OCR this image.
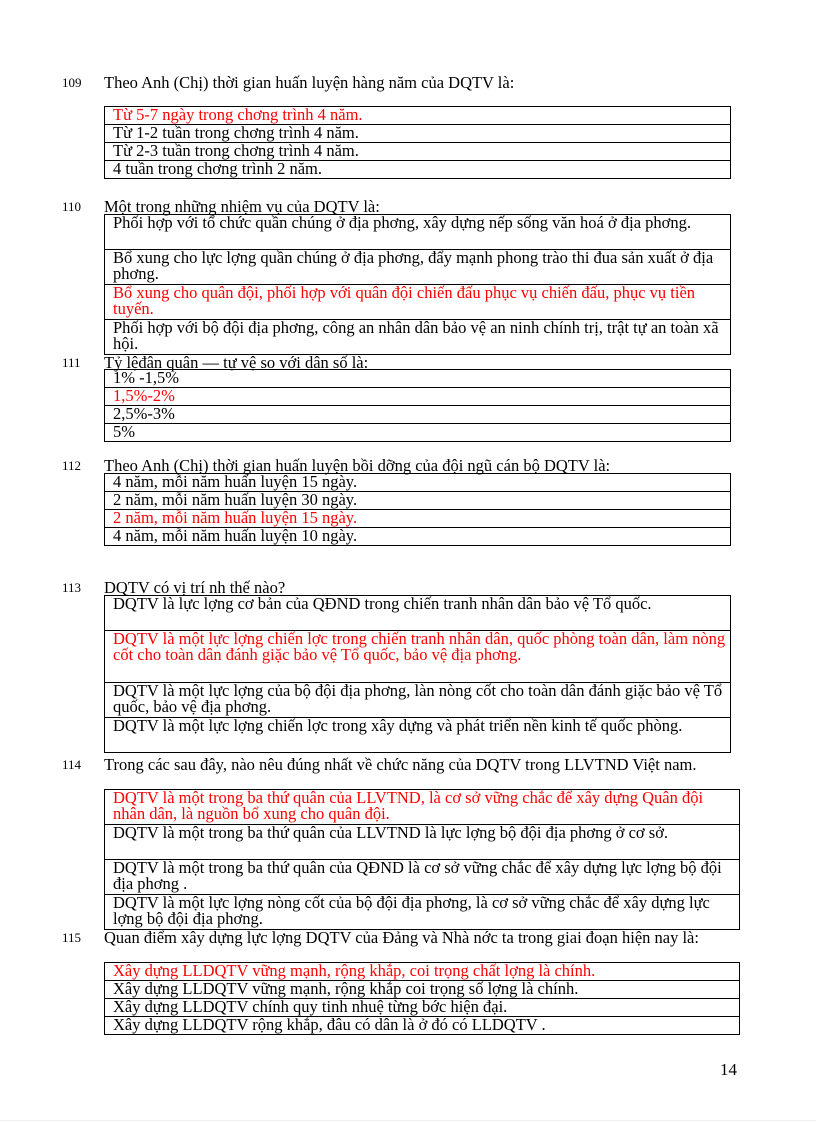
109 Theo Anh (Chị) thời gian huấn luyện hàng năm của DQTV là:
Từ 5-7 ngày trong chơng trình 4 năm.
Từ 1-2 tuần trong chơng trình 4 năm.
Từ 2-3 tuần trong chơng trình 4 năm.
4 tuần trong chơng trình 2 năm.
110 Một trong những nhiệm vụ của DQTV là:
Phối hợp với tổ chức quần chúng ở địa phơng, xây dựng nếp sống văn hoá ở địa phơng.
Bổ xung cho lực lợng quần chúng ở địa phơng, đẩy mạnh phong trào thi đua sản xuất ở địa phơng.
Bổ xung cho quân đội, phối hợp với quân đội chiến đấu phục vụ chiến đấu, phục vụ tiền tuyến.
Phối hợp với bộ đội địa phơng, công an nhân dân bảo vệ an ninh chính trị, trật tự an toàn xã hội.
111 Tỷ lệđân quân — tự vệ so với dân số là:
1% -1,5%
1,5%-2%
2,5%-3%
5%
112 Theo Anh (Chị) thời gian huấn luyện bồi dỡng của đội ngũ cán bộ DQTV là:
4 năm, mỗi năm huấn luyện 15 ngày.
2 năm, mỗi năm huấn luyện 30 ngày.
2 năm, mỗi năm huấn luyện 15 ngày.
4 năm, mỗi năm huấn luyện 10 ngày.
113 DQTV có vị trí nh thế nào?
DQTV là lực lợng cơ bản của QĐND trong chiến tranh nhân dân bảo vệ Tổ quốc.
DQTV là một lực lợng chiến lợc trong chiến tranh nhân dân, quốc phòng toàn dân, làm nòng cốt cho toàn dân đánh giặc bảo vệ Tổ quốc, bảo vệ địa phơng.
DQTV là một lực lợng của bộ đội địa phơng, làn nòng cốt cho toàn dân đánh giặc bảo vệ Tổ quốc, bảo vệ địa phơng.
DQTV là một lực lợng chiến lợc trong xây dựng và phát triển nền kinh tế quốc phòng.
114 Trong các sau đây, nào nêu đúng nhất về chức năng của DQTV trong LLVTND Việt nam.
DQTV là một trong ba thứ quân của LLVTND, là cơ sở vững chắc để xây dựng Quân đội nhân dân, là nguồn bổ xung cho quân đội.
DQTV là một trong ba thứ quân của LLVTND là lực lợng bộ đội địa phơng ở cơ sở.
DQTV là một trong ba thứ quân của QĐND là cơ sở vững chắc để xây dựng lực lợng bộ đội địa phơng .
DQTV là một lực lợng nòng cốt của bộ đội địa phơng, là cơ sở vững chắc để xây dựng lực lợng bộ đội địa phơng.
115 Quan điểm xây dựng lực lợng DQTV của Đảng và Nhà nớc ta trong giai đoạn hiện nay là:
Xây dựng LLDQTV vững mạnh, rộng khắp, coi trọng chất lợng là chính.
Xây dựng LLDQTV vững mạnh, rộng khắp coi trọng số lợng là chính.
Xây dựng LLDQTV chính quy tinh nhuệ từng bớc hiện đại.
Xây dựng LLDQTV rộng khắp, đâu có dân là ở đó có LLDQTV .
14
